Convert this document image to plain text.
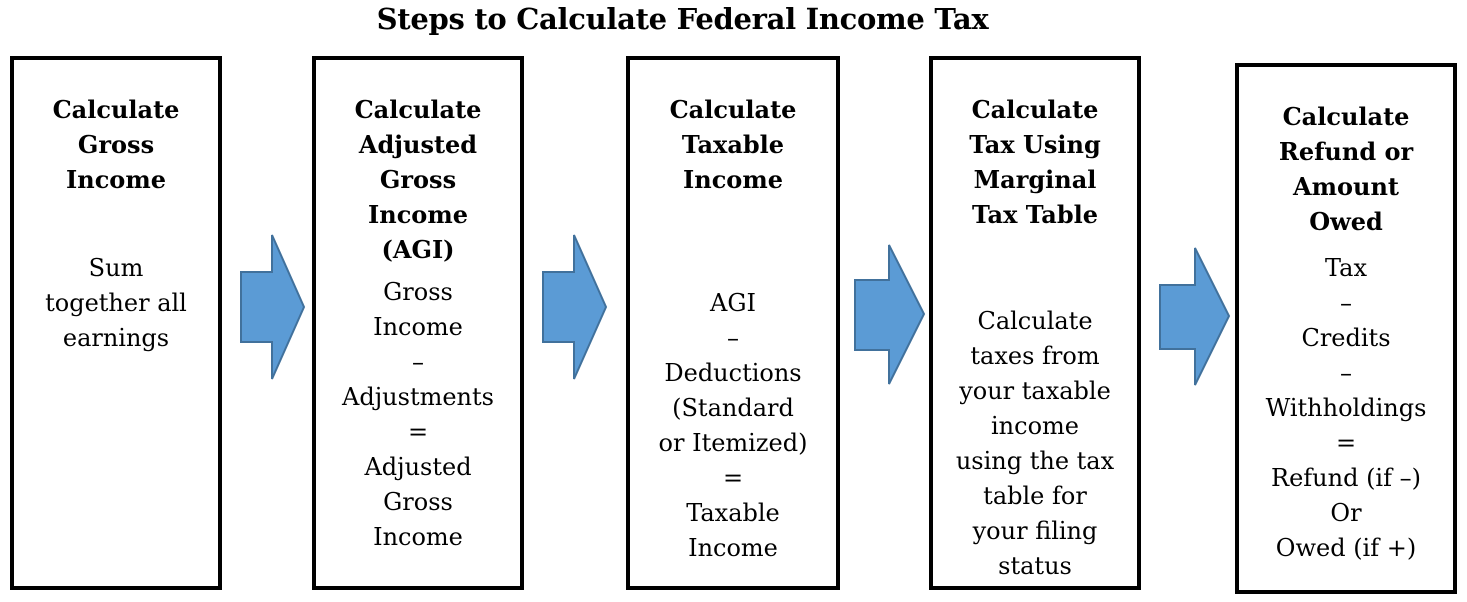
Steps to Calculate Federal Income Tax
Calculate
Gross
Income
Sum
together all
earnings
Calculate
Adjusted
Gross
Income
(AGI)
Gross
Income
–
Adjustments
=
Adjusted
Gross
Income
Calculate
Taxable
Income
AGI
–
Deductions
(Standard
or Itemized)
=
Taxable
Income
Calculate
Tax Using
Marginal
Tax Table
Calculate
taxes from
your taxable
income
using the tax
table for
your filing
status
Calculate
Refund or
Amount
Owed
Tax
–
Credits
–
Withholdings
=
Refund (if –)
Or
Owed (if +)
